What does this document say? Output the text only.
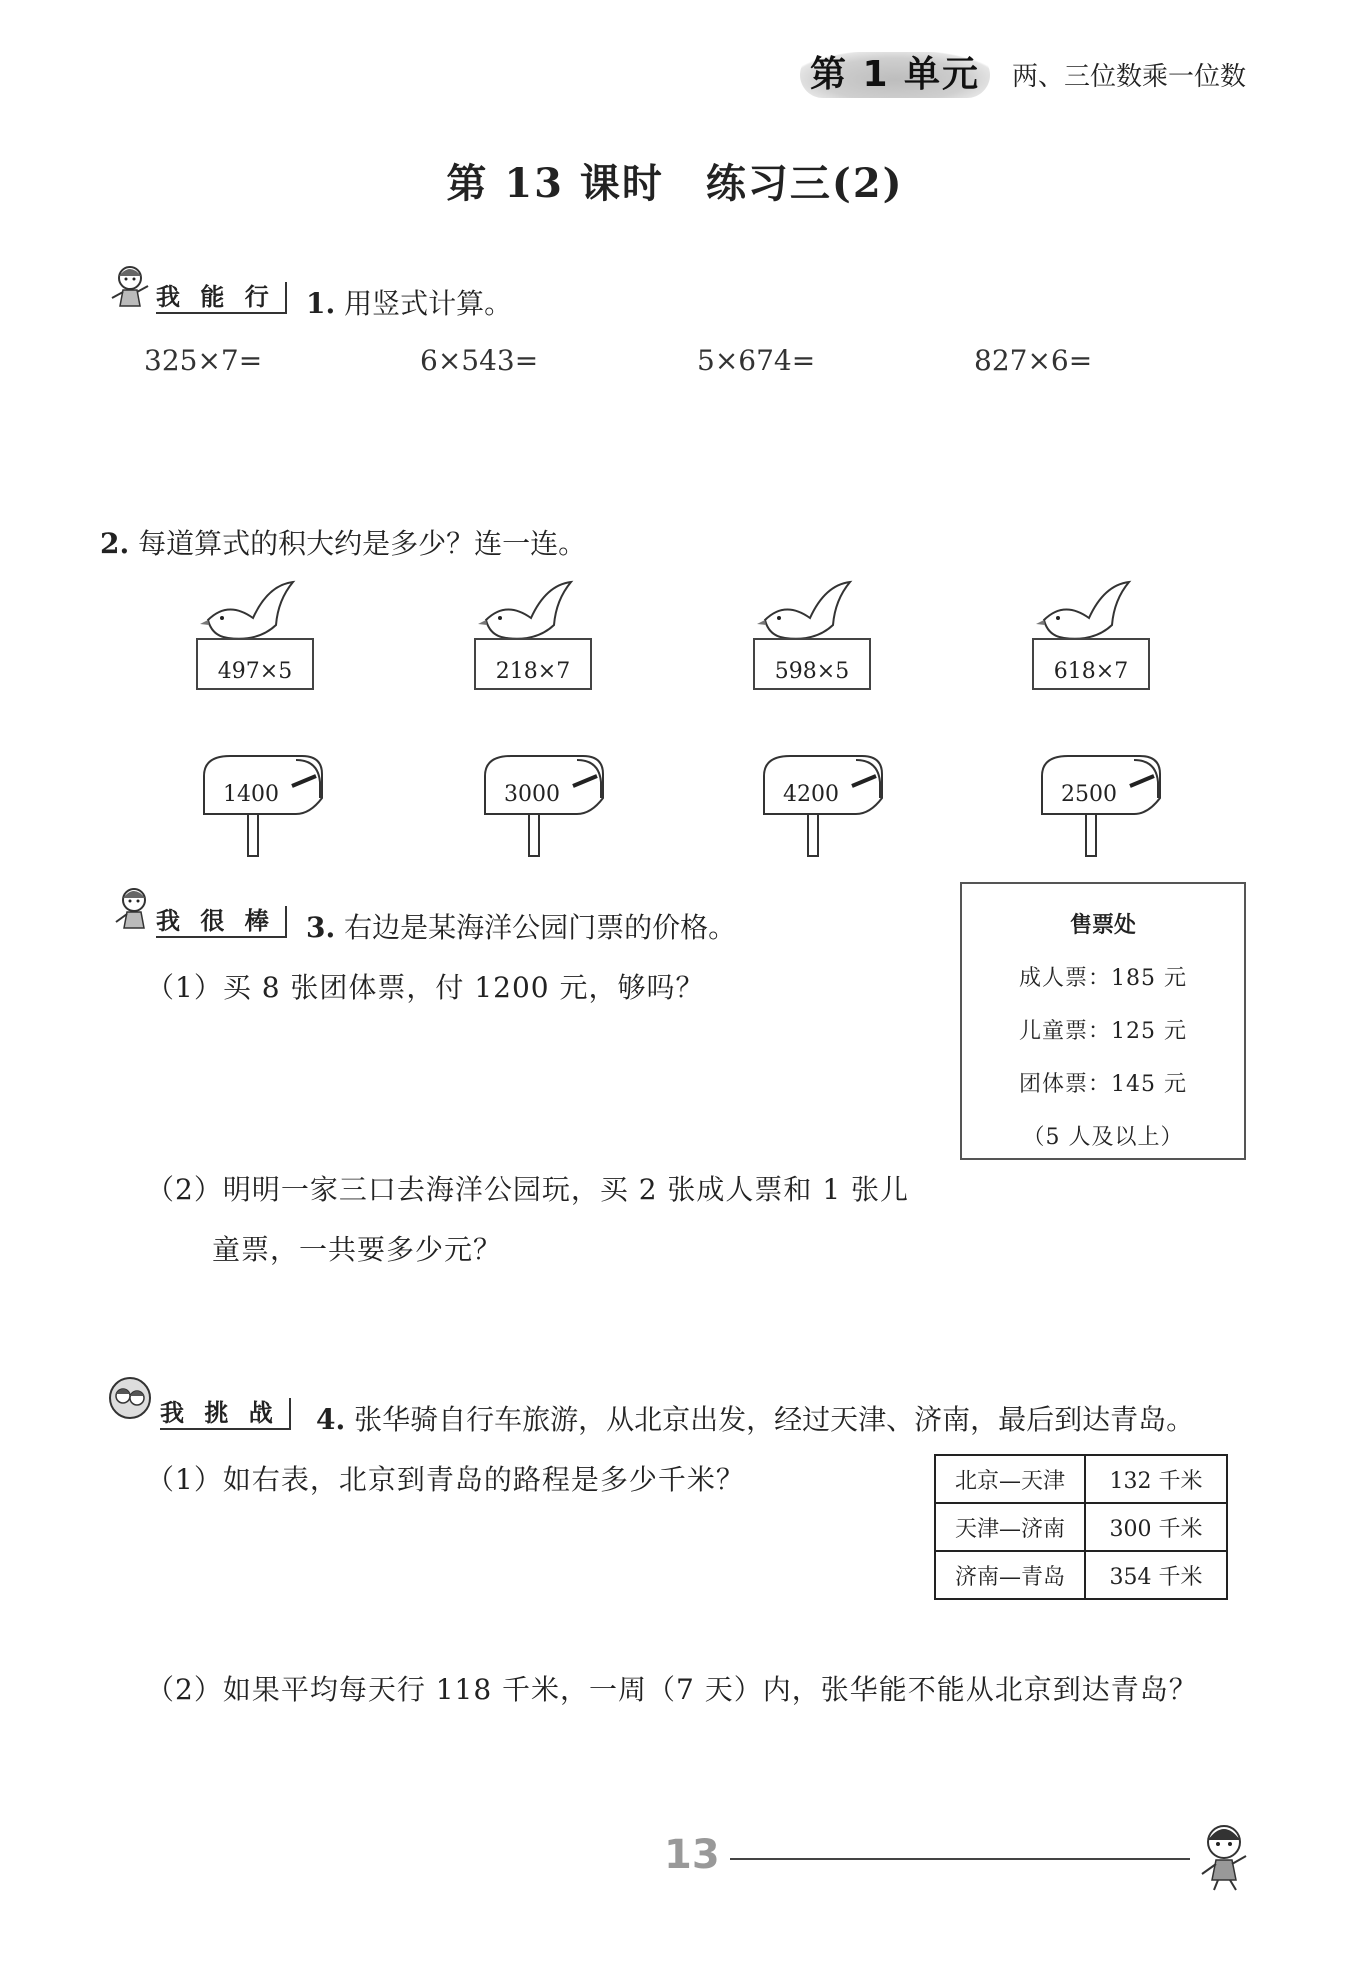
第 1 单元	两、三位数乘一位数
第 13 课时　练习三(2)
我 能 行	1. 用竖式计算。
325×7=	6×543=	5×674=	827×6=
2. 每道算式的积大约是多少？连一连。
497×5	218×7	598×5	618×7
1400	3000	4200	2500
我 很 棒	3. 右边是某海洋公园门票的价格。
（1）买 8 张团体票，付 1200 元，够吗？
（2）明明一家三口去海洋公园玩，买 2 张成人票和 1 张儿
童票，一共要多少元？
售票处
成人票：185 元
儿童票：125 元
团体票：145 元
（5 人及以上）
我 挑 战	4. 张华骑自行车旅游，从北京出发，经过天津、济南，最后到达青岛。
（1）如右表，北京到青岛的路程是多少千米？	北京—天津	132 千米
天津—济南	300 千米
济南—青岛	354 千米
（2）如果平均每天行 118 千米，一周（7 天）内，张华能不能从北京到达青岛？
13
